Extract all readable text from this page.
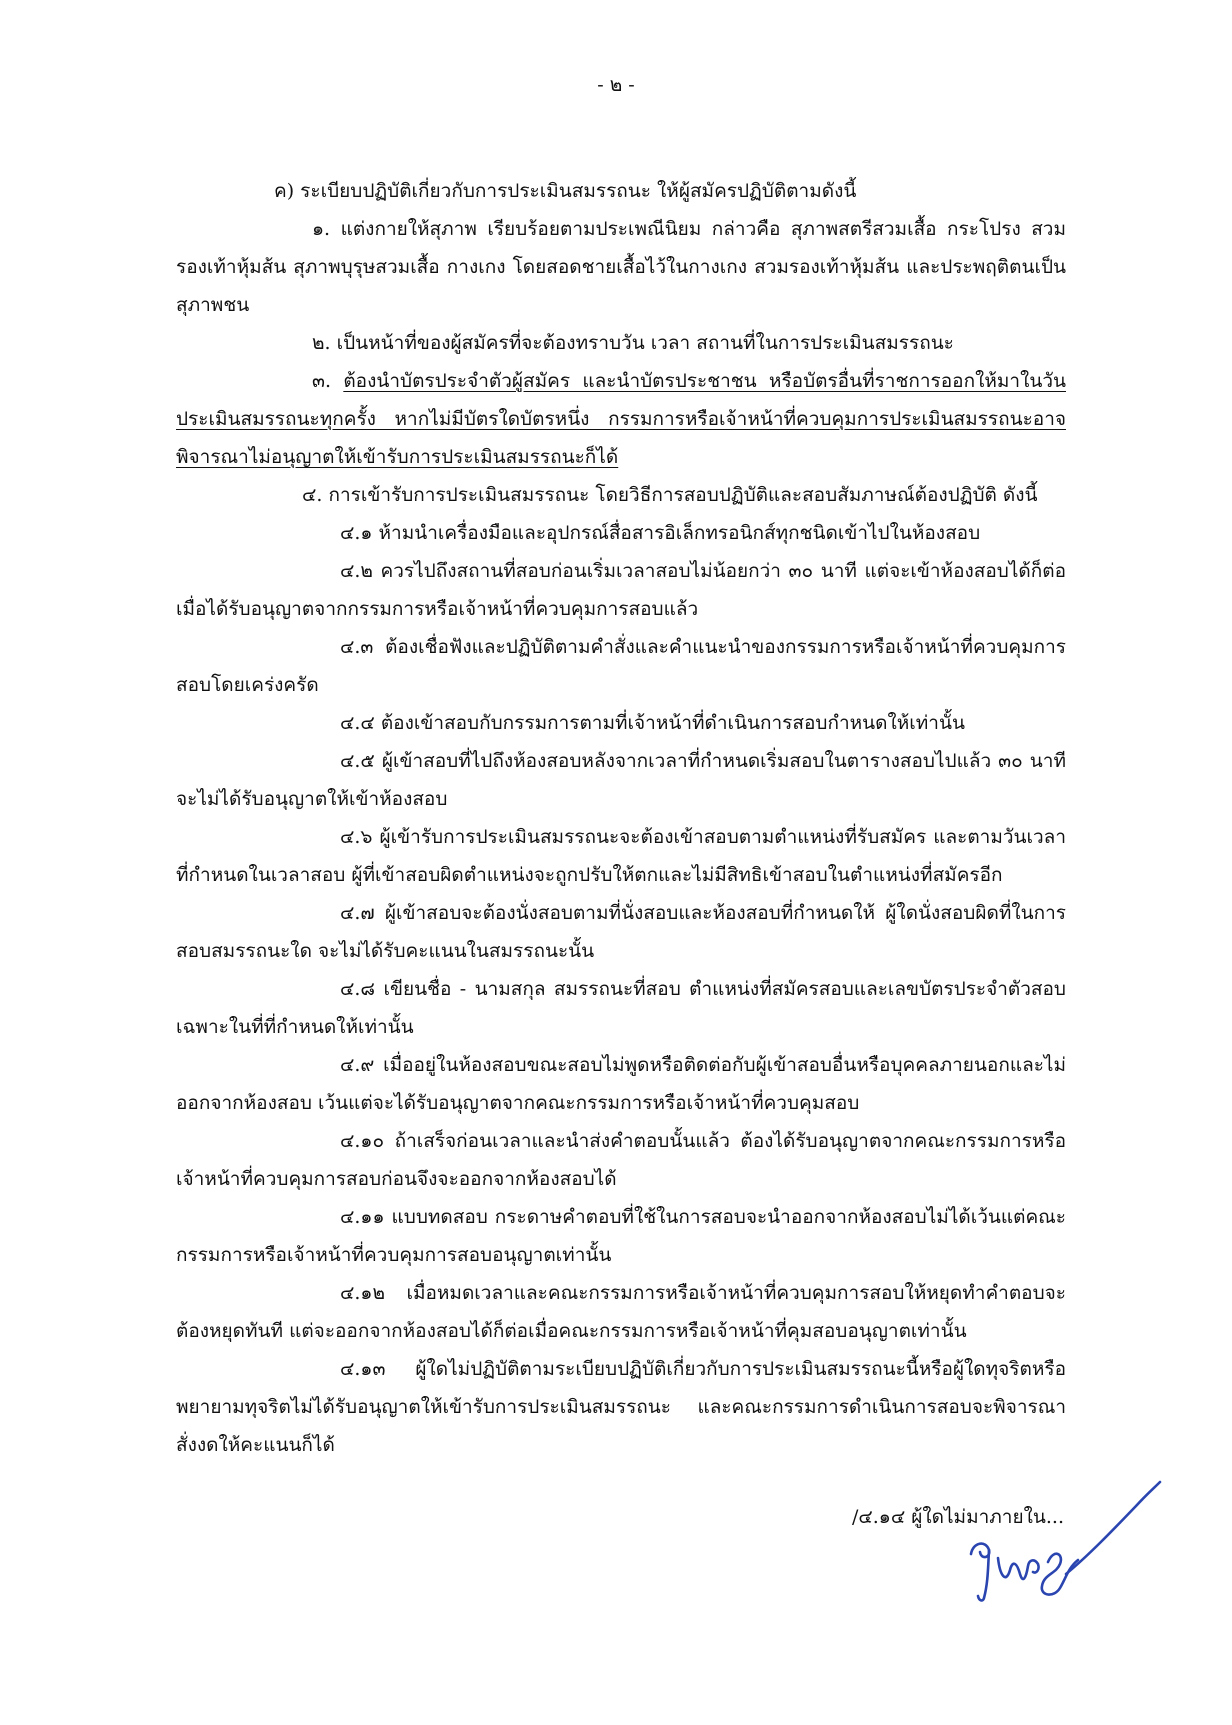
- ๒ -

ค) ระเบียบปฏิบัติเกี่ยวกับการประเมินสมรรถนะ ให้ผู้สมัครปฏิบัติตามดังนี้

๑. แต่งกายให้สุภาพ เรียบร้อยตามประเพณีนิยม กล่าวคือ สุภาพสตรีสวมเสื้อ กระโปรง สวมรองเท้าหุ้มส้น สุภาพบุรุษสวมเสื้อ กางเกง โดยสอดชายเสื้อไว้ในกางเกง สวมรองเท้าหุ้มส้น และประพฤติตนเป็นสุภาพชน

๒. เป็นหน้าที่ของผู้สมัครที่จะต้องทราบวัน เวลา สถานที่ในการประเมินสมรรถนะ

๓. ต้องนำบัตรประจำตัวผู้สมัคร และนำบัตรประชาชน หรือบัตรอื่นที่ราชการออกให้มาในวันประเมินสมรรถนะทุกครั้ง หากไม่มีบัตรใดบัตรหนึ่ง กรรมการหรือเจ้าหน้าที่ควบคุมการประเมินสมรรถนะอาจพิจารณาไม่อนุญาตให้เข้ารับการประเมินสมรรถนะก็ได้

๔. การเข้ารับการประเมินสมรรถนะ โดยวิธีการสอบปฏิบัติและสอบสัมภาษณ์ต้องปฏิบัติ ดังนี้

๔.๑ ห้ามนำเครื่องมือและอุปกรณ์สื่อสารอิเล็กทรอนิกส์ทุกชนิดเข้าไปในห้องสอบ

๔.๒ ควรไปถึงสถานที่สอบก่อนเริ่มเวลาสอบไม่น้อยกว่า ๓๐ นาที แต่จะเข้าห้องสอบได้ก็ต่อเมื่อได้รับอนุญาตจากกรรมการหรือเจ้าหน้าที่ควบคุมการสอบแล้ว

๔.๓ ต้องเชื่อฟังและปฏิบัติตามคำสั่งและคำแนะนำของกรรมการหรือเจ้าหน้าที่ควบคุมการสอบโดยเคร่งครัด

๔.๔ ต้องเข้าสอบกับกรรมการตามที่เจ้าหน้าที่ดำเนินการสอบกำหนดให้เท่านั้น

๔.๕ ผู้เข้าสอบที่ไปถึงห้องสอบหลังจากเวลาที่กำหนดเริ่มสอบในตารางสอบไปแล้ว ๓๐ นาที จะไม่ได้รับอนุญาตให้เข้าห้องสอบ

๔.๖ ผู้เข้ารับการประเมินสมรรถนะจะต้องเข้าสอบตามตำแหน่งที่รับสมัคร และตามวันเวลาที่กำหนดในเวลาสอบ ผู้ที่เข้าสอบผิดตำแหน่งจะถูกปรับให้ตกและไม่มีสิทธิเข้าสอบในตำแหน่งที่สมัครอีก

๔.๗ ผู้เข้าสอบจะต้องนั่งสอบตามที่นั่งสอบและห้องสอบที่กำหนดให้ ผู้ใดนั่งสอบผิดที่ในการสอบสมรรถนะใด จะไม่ได้รับคะแนนในสมรรถนะนั้น

๔.๘ เขียนชื่อ - นามสกุล สมรรถนะที่สอบ ตำแหน่งที่สมัครสอบและเลขบัตรประจำตัวสอบเฉพาะในที่ที่กำหนดให้เท่านั้น

๔.๙ เมื่ออยู่ในห้องสอบขณะสอบไม่พูดหรือติดต่อกับผู้เข้าสอบอื่นหรือบุคคลภายนอกและไม่ออกจากห้องสอบ เว้นแต่จะได้รับอนุญาตจากคณะกรรมการหรือเจ้าหน้าที่ควบคุมสอบ

๔.๑๐ ถ้าเสร็จก่อนเวลาและนำส่งคำตอบนั้นแล้ว ต้องได้รับอนุญาตจากคณะกรรมการหรือเจ้าหน้าที่ควบคุมการสอบก่อนจึงจะออกจากห้องสอบได้

๔.๑๑ แบบทดสอบ กระดาษคำตอบที่ใช้ในการสอบจะนำออกจากห้องสอบไม่ได้เว้นแต่คณะกรรมการหรือเจ้าหน้าที่ควบคุมการสอบอนุญาตเท่านั้น

๔.๑๒ เมื่อหมดเวลาและคณะกรรมการหรือเจ้าหน้าที่ควบคุมการสอบให้หยุดทำคำตอบจะต้องหยุดทันที แต่จะออกจากห้องสอบได้ก็ต่อเมื่อคณะกรรมการหรือเจ้าหน้าที่คุมสอบอนุญาตเท่านั้น

๔.๑๓ ผู้ใดไม่ปฏิบัติตามระเบียบปฏิบัติเกี่ยวกับการประเมินสมรรถนะนี้หรือผู้ใดทุจริตหรือพยายามทุจริตไม่ได้รับอนุญาตให้เข้ารับการประเมินสมรรถนะ และคณะกรรมการดำเนินการสอบจะพิจารณาสั่งงดให้คะแนนก็ได้

/๔.๑๔ ผู้ใดไม่มาภายใน...
